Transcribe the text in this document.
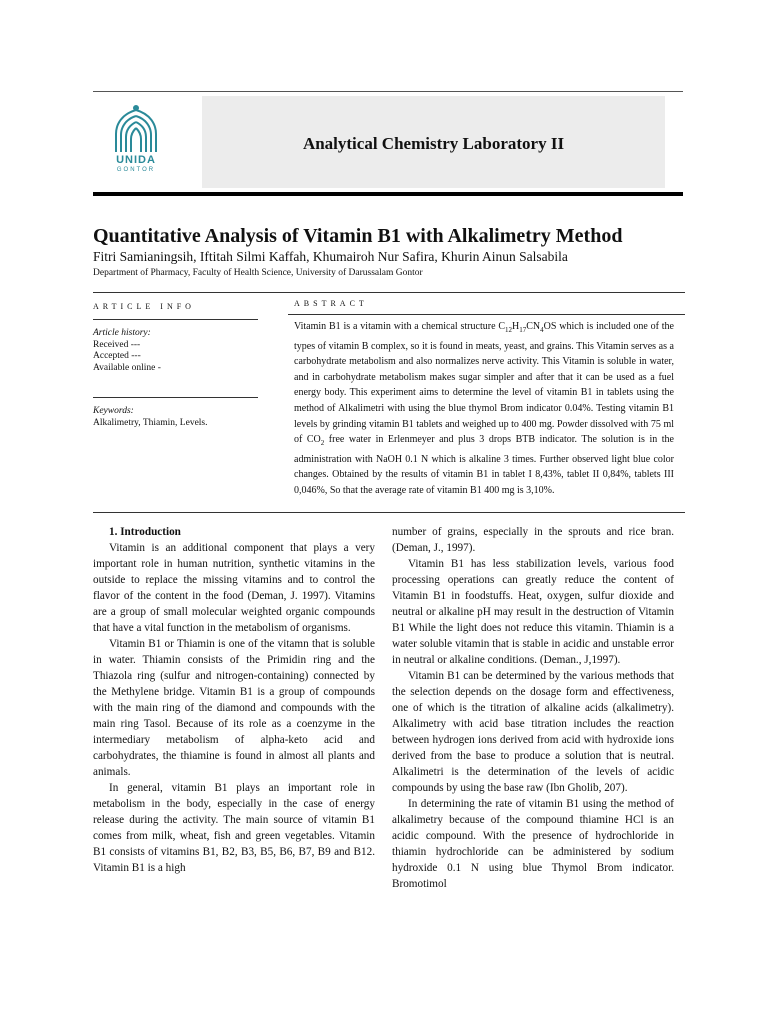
UNIDA
GONTOR
Analytical Chemistry Laboratory II
Quantitative Analysis of Vitamin B1 with Alkalimetry Method
Fitri Samianingsih, Iftitah Silmi Kaffah, Khumairoh Nur Safira, Khurin Ainun Salsabila
Department of Pharmacy, Faculty of Health Science, University of Darussalam Gontor
ARTICLE INFO	ABSTRACT
Article history:
Received ---
Accepted ---
Available online -
Keywords:
Alkalimetry, Thiamin, Levels.
Vitamin B1 is a vitamin with a chemical structure $C_{12}H_{17}CN_4OS$ which is included one of the types of vitamin B complex, so it is found in meats, yeast, and grains. This Vitamin serves as a carbohydrate metabolism and also normalizes nerve activity. This Vitamin is soluble in water, and in carbohydrate metabolism makes sugar simpler and after that it can be used as a fuel energy body. This experiment aims to determine the level of vitamin B1 in tablets using the method of Alkalimetri with using the blue thymol Brom indicator 0.04%. Testing vitamin B1 levels by grinding vitamin B1 tablets and weighed up to 400 mg. Powder dissolved with 75 ml of $CO_2$ free water in Erlenmeyer and plus 3 drops BTB indicator. The solution is in the administration with NaOH 0.1 N which is alkaline 3 times. Further observed light blue color changes. Obtained by the results of vitamin B1 in tablet I 8,43%, tablet II 0,84%, tablets III 0,046%, So that the average rate of vitamin B1 400 mg is 3,10%.

1. Introduction

Vitamin is an additional component that plays a very important role in human nutrition, synthetic vitamins in the outside to replace the missing vitamins and to control the flavor of the content in the food (Deman, J. 1997). Vitamins are a group of small molecular weighted organic compounds that have a vital function in the metabolism of organisms.

Vitamin B1 or Thiamin is one of the vitamn that is soluble in water. Thiamin consists of the Primidin ring and the Thiazola ring (sulfur and nitrogen-containing) connected by the Methylene bridge. Vitamin B1 is a group of compounds with the main ring of the diamond and compounds with the main ring Tasol. Because of its role as a coenzyme in the intermediary metabolism of alpha-keto acid and carbohydrates, the thiamine is found in almost all plants and animals.

In general, vitamin B1 plays an important role in metabolism in the body, especially in the case of energy release during the activity. The main source of vitamin B1 comes from milk, wheat, fish and green vegetables. Vitamin B1 consists of vitamins B1, B2, B3, B5, B6, B7, B9 and B12. Vitamin B1 is a high

number of grains, especially in the sprouts and rice bran. (Deman, J., 1997).

Vitamin B1 has less stabilization levels, various food processing operations can greatly reduce the content of Vitamin B1 in foodstuffs. Heat, oxygen, sulfur dioxide and neutral or alkaline pH may result in the destruction of Vitamin B1 While the light does not reduce this vitamin. Thiamin is a water soluble vitamin that is stable in acidic and unstable error in neutral or alkaline conditions. (Deman., J,1997).

Vitamin B1 can be determined by the various methods that the selection depends on the dosage form and effectiveness, one of which is the titration of alkaline acids (alkalimetry). Alkalimetry with acid base titration includes the reaction between hydrogen ions derived from acid with hydroxide ions derived from the base to produce a solution that is neutral. Alkalimetri is the determination of the levels of acidic compounds by using the base raw (Ibn Gholib, 207).

In determining the rate of vitamin B1 using the method of alkalimetry because of the compound thiamine HCl is an acidic compound. With the presence of hydrochloride in thiamin hydrochloride can be administered by sodium hydroxide 0.1 N using blue Thymol Brom indicator. Bromotimol
